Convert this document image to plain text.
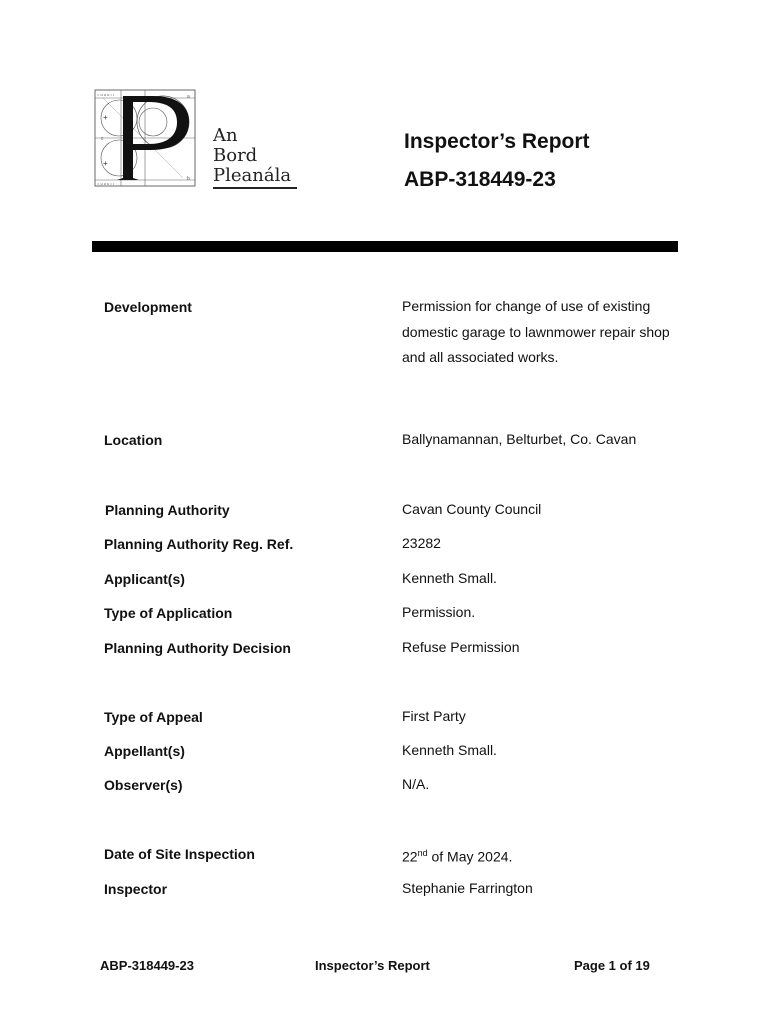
= u u u ı ı
= u u u ı ı
+
+
c
a
b
An
Bord
Pleanála
Inspector’s Report
ABP-318449-23
Development	Permission for change of use of existing domestic garage to lawnmower repair shop and all associated works.
Location	Ballynamannan, Belturbet, Co. Cavan
Planning Authority	Cavan County Council
Planning Authority Reg. Ref.	23282
Applicant(s)	Kenneth Small.
Type of Application	Permission.
Planning Authority Decision	Refuse Permission
Type of Appeal	First Party
Appellant(s)	Kenneth Small.
Observer(s)	N/A.
Date of Site Inspection	22nd of May 2024.
Inspector	Stephanie Farrington
ABP-318449-23	Inspector’s Report	Page 1 of 19
